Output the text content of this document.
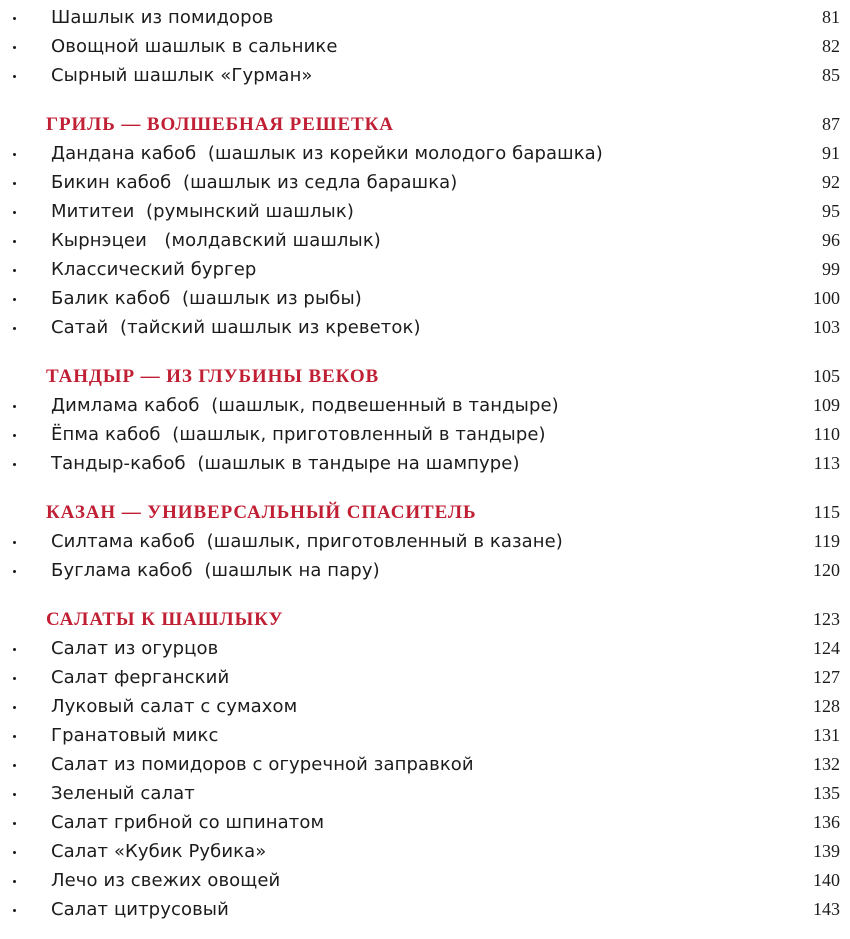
Шашлык из помидоров	81
Овощной шашлык в сальнике	82
Сырный шашлык «Гурман»	85
ГРИЛЬ — ВОЛШЕБНАЯ РЕШЕТКА	87
Дандана кабоб  (шашлык из корейки молодого барашка)	91
Бикин кабоб  (шашлык из седла барашка)	92
Мититеи  (румынский шашлык)	95
Кырнэцеи   (молдавский шашлык)	96
Классический бургер	99
Балик кабоб  (шашлык из рыбы)	100
Сатай  (тайский шашлык из креветок)	103
ТАНДЫР — ИЗ ГЛУБИНЫ ВЕКОВ	105
Димлама кабоб  (шашлык, подвешенный в тандыре)	109
Ёпма кабоб  (шашлык, приготовленный в тандыре)	110
Тандыр-кабоб  (шашлык в тандыре на шампуре)	113
КАЗАН — УНИВЕРСАЛЬНЫЙ СПАСИТЕЛЬ	115
Силтама кабоб  (шашлык, приготовленный в казане)	119
Буглама кабоб  (шашлык на пару)	120
САЛАТЫ К ШАШЛЫКУ	123
Салат из огурцов	124
Салат ферганский	127
Луковый салат с сумахом	128
Гранатовый микс	131
Салат из помидоров с огуречной заправкой	132
Зеленый салат	135
Салат грибной со шпинатом	136
Салат «Кубик Рубика»	139
Лечо из свежих овощей	140
Салат цитрусовый	143
